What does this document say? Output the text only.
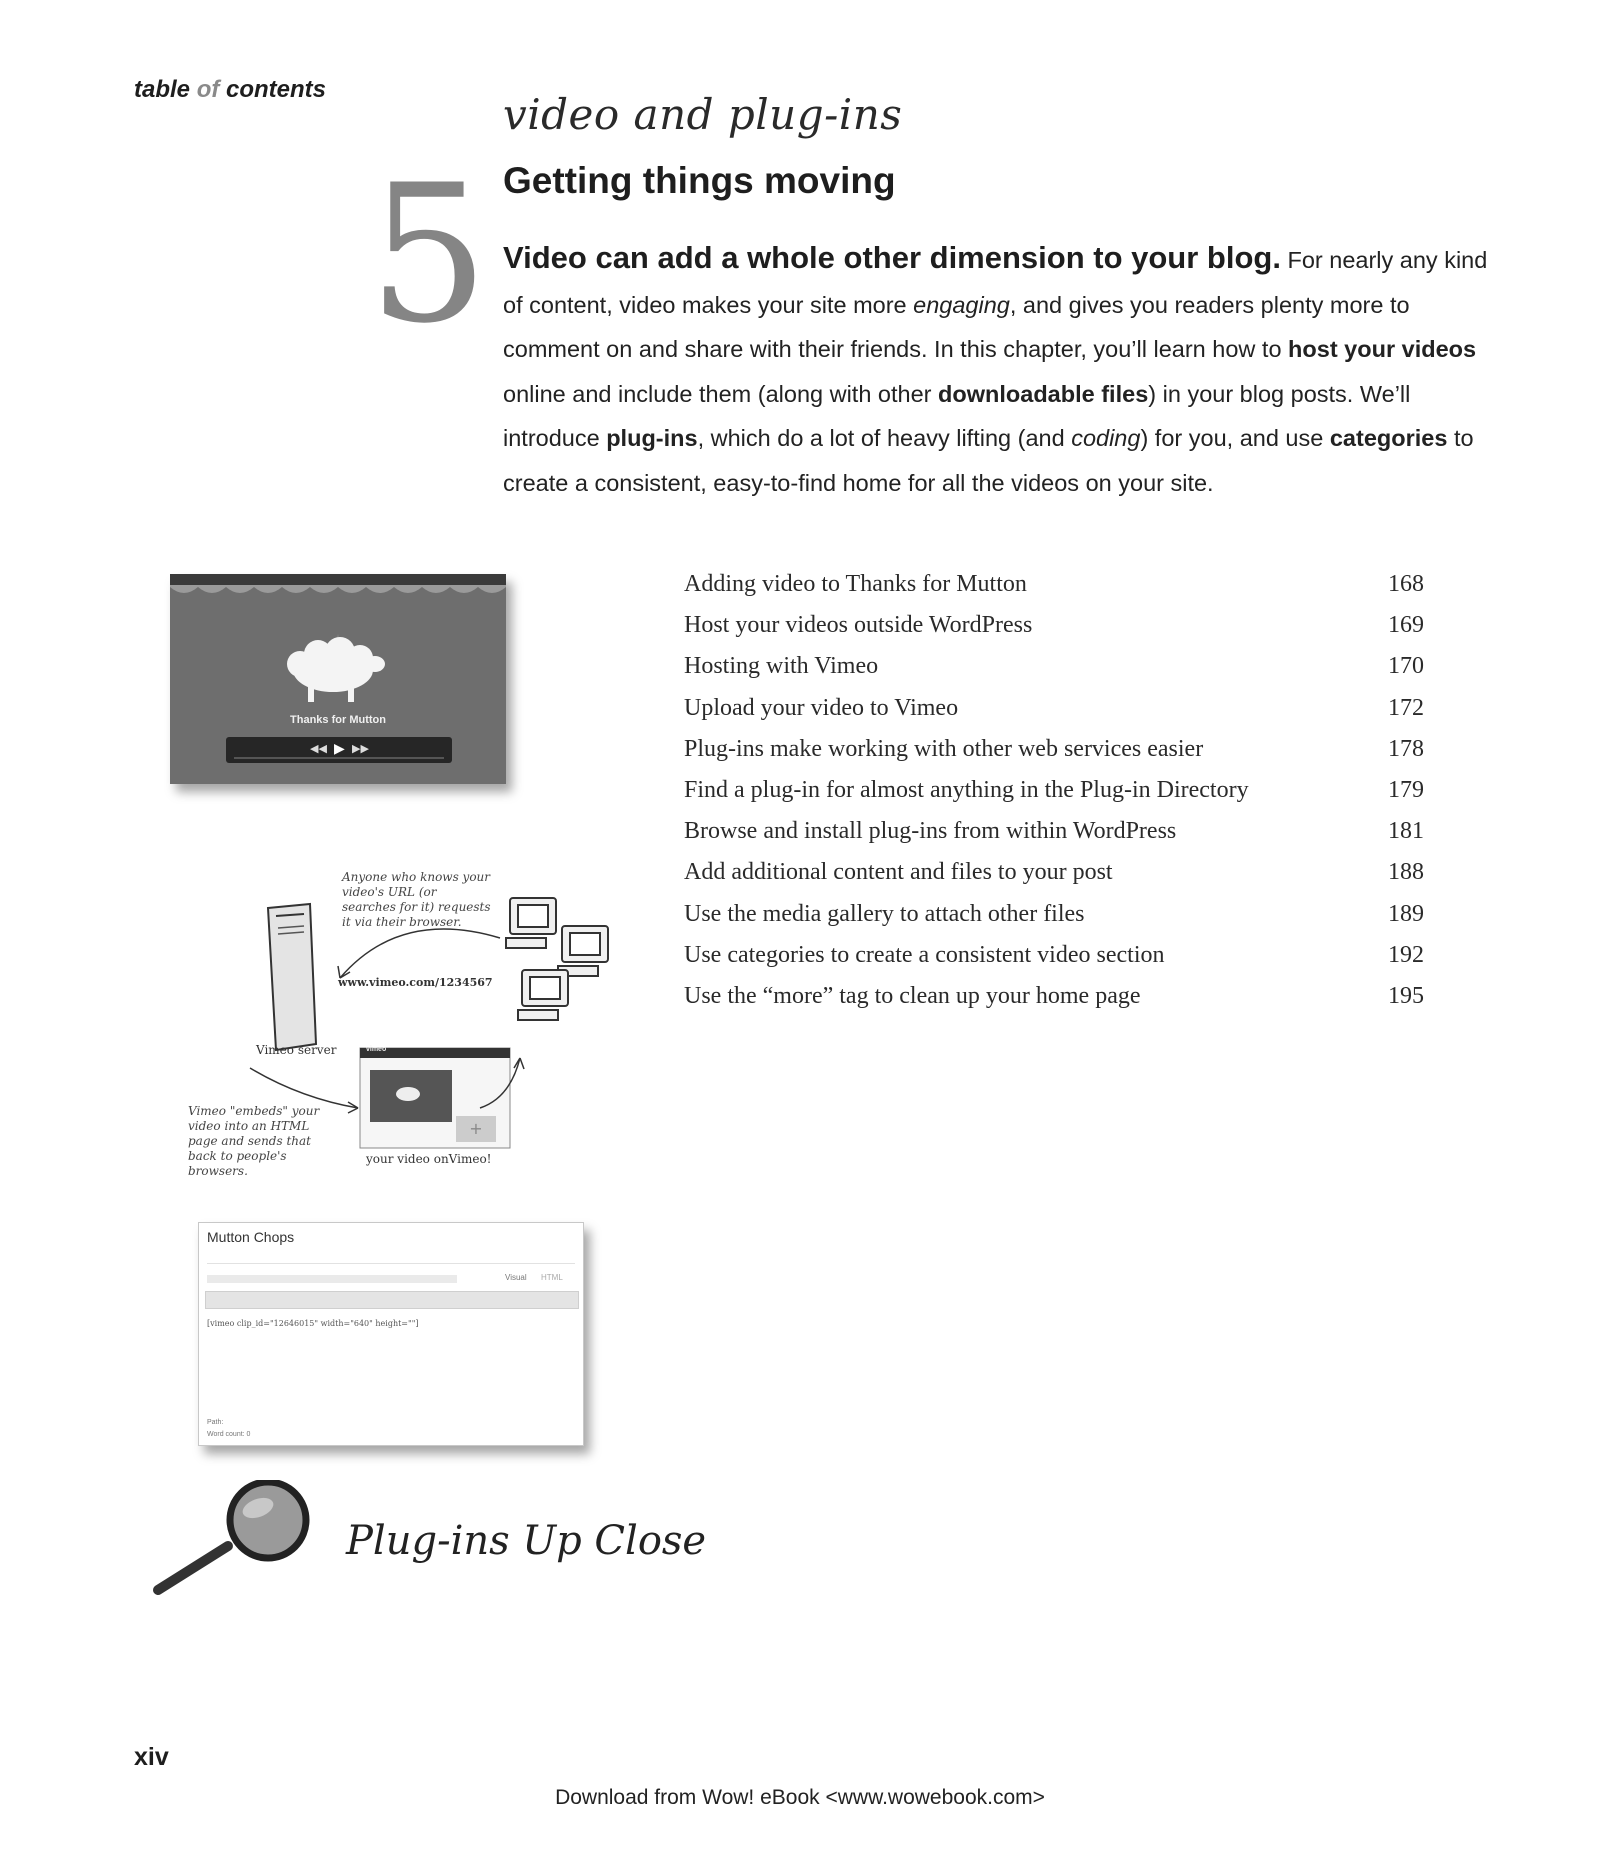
table of contents
5
video and plug-ins
Getting things moving
Video can add a whole other dimension to your blog. For nearly any kind of content, video makes your site more engaging, and gives you readers plenty more to comment on and share with their friends. In this chapter, you’ll learn how to host your videos online and include them (along with other downloadable files) in your blog posts. We’ll introduce plug-ins, which do a lot of heavy lifting (and coding) for you, and use categories to create a consistent, easy-to-find home for all the videos on your site.
Adding video to Thanks for Mutton	168
Host your videos outside WordPress	169
Hosting with Vimeo	170
Upload your video to Vimeo	172
Plug-ins make working with other web services easier	178
Find a plug-in for almost anything in the Plug-in Directory	179
Browse and install plug-ins from within WordPress	181
Add additional content and files to your post	188
Use the media gallery to attach other files	189
Use categories to create a consistent video section	192
Use the “more” tag to clean up your home page	195
Thanks for Mutton
◀◀ ▶ ▶▶
+
Anyone who knows your video's URL (or searches for it) requests it via their browser.
www.vimeo.com/1234567
Vimeo server	vimeo
Vimeo "embeds" your video into an HTML page and sends that back to people's browsers.
your video onVimeo!
Mutton Chops
Visual HTML
[vimeo clip_id="12646015" width="640" height=""]
Path:
Word count: 0
Plug-ins Up Close
xiv
Download from Wow! eBook <www.wowebook.com>
